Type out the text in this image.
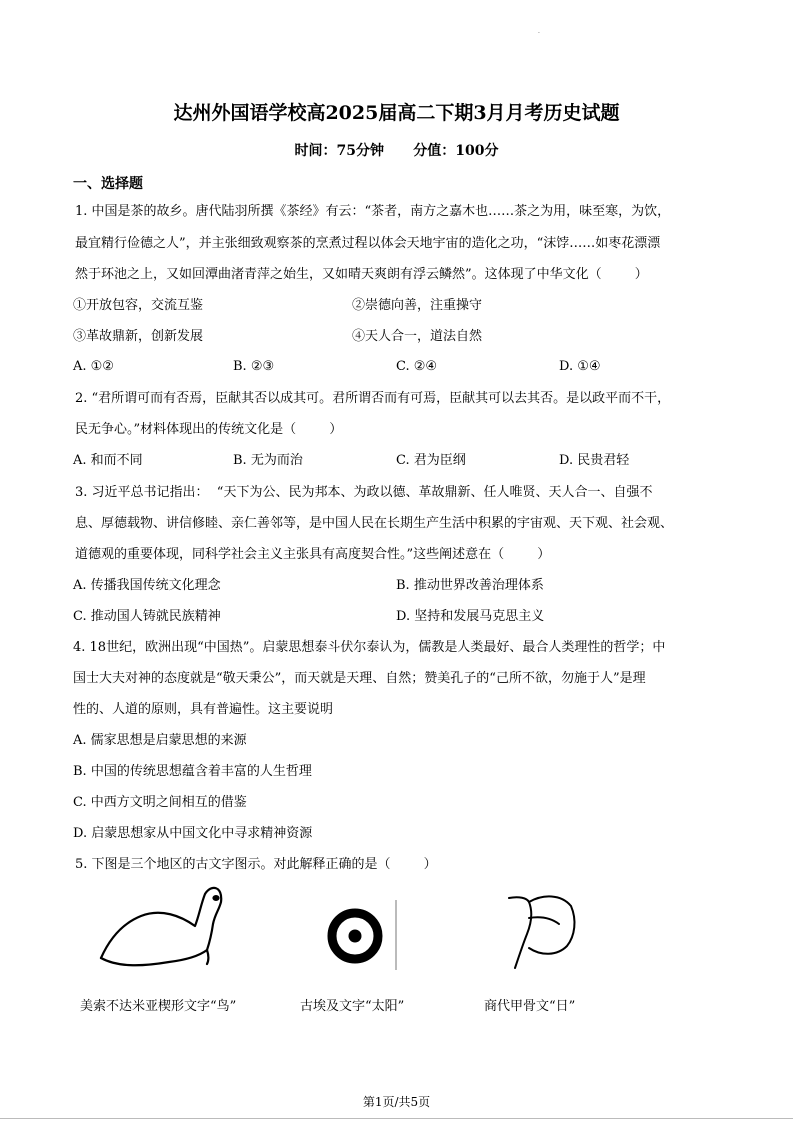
·
达州外国语学校高2025届高二下期3月月考历史试题
时间：75分钟      分值：100分
一、选择题
1. 中国是茶的故乡。唐代陆羽所撰《茶经》有云：“茶者，南方之嘉木也……茶之为用，味至寒，为饮，
最宜精行俭德之人”，并主张细致观察茶的烹煮过程以体会天地宇宙的造化之功，“沫饽……如枣花漂漂
然于环池之上，又如回潭曲渚青萍之始生，又如晴天爽朗有浮云鳞然”。这体现了中华文化（        ）
①开放包容，交流互鉴	②崇德向善，注重操守
③革故鼎新，创新发展	④天人合一，道法自然
A. ①②	B. ②③	C. ②④	D. ①④
2. “君所谓可而有否焉，臣献其否以成其可。君所谓否而有可焉，臣献其可以去其否。是以政平而不干，
民无争心。”材料体现出的传统文化是（        ）
A. 和而不同	B. 无为而治	C. 君为臣纲	D. 民贵君轻
3. 习近平总书记指出：  “天下为公、民为邦本、为政以德、革故鼎新、任人唯贤、天人合一、自强不
息、厚德载物、讲信修睦、亲仁善邻等，是中国人民在长期生产生活中积累的宇宙观、天下观、社会观、
道德观的重要体现，同科学社会主义主张具有高度契合性。”这些阐述意在（        ）
A. 传播我国传统文化理念	B. 推动世界改善治理体系
C. 推动国人铸就民族精神	D. 坚持和发展马克思主义
4. 18世纪，欧洲出现“中国热”。启蒙思想泰斗伏尔泰认为，儒教是人类最好、最合人类理性的哲学；中
国士大夫对神的态度就是“敬天秉公”，而天就是天理、自然；赞美孔子的“己所不欲，勿施于人”是理
性的、人道的原则，具有普遍性。这主要说明
A. 儒家思想是启蒙思想的来源
B. 中国的传统思想蕴含着丰富的人生哲理
C. 中西方文明之间相互的借鉴
D. 启蒙思想家从中国文化中寻求精神资源
5. 下图是三个地区的古文字图示。对此解释正确的是（        ）
美索不达米亚楔形文字“鸟”	古埃及文字“太阳”	商代甲骨文“日”
第1页/共5页
